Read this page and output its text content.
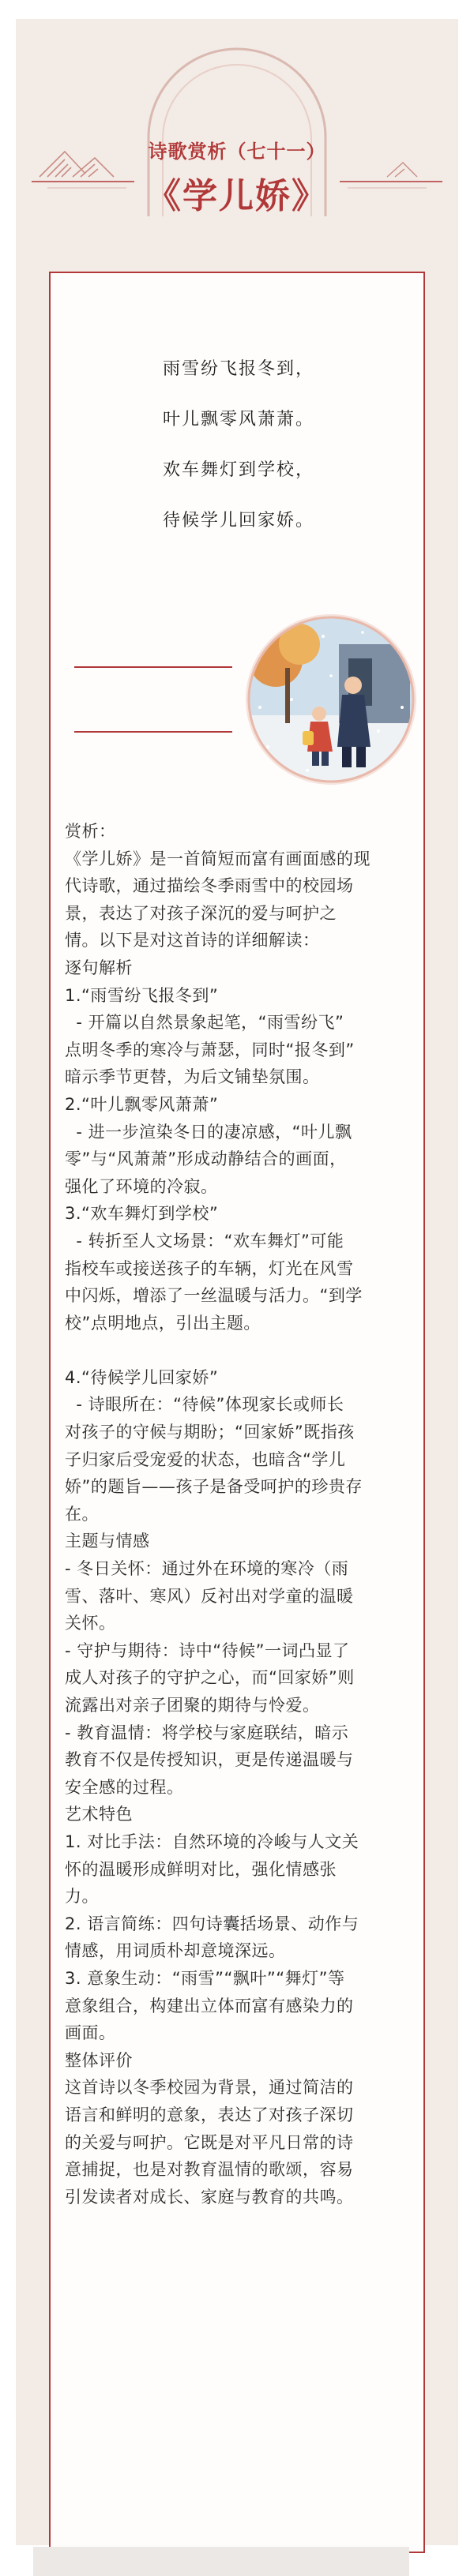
诗歌赏析（七十一）
《学儿娇》

雨雪纷飞报冬到，

叶儿飘零风萧萧。

欢车舞灯到学校，

待候学儿回家娇。

赏析：
《学儿娇》是一首简短而富有画面感的现
代诗歌，通过描绘冬季雨雪中的校园场
景，表达了对孩子深沉的爱与呵护之
情。以下是对这首诗的详细解读：
逐句解析
1.“雨雪纷飞报冬到”
- 开篇以自然景象起笔，“雨雪纷飞”
点明冬季的寒冷与萧瑟，同时“报冬到”
暗示季节更替，为后文铺垫氛围。
2.“叶儿飘零风萧萧”
- 进一步渲染冬日的凄凉感，“叶儿飘
零”与“风萧萧”形成动静结合的画面，
强化了环境的冷寂。
3.“欢车舞灯到学校”
- 转折至人文场景：“欢车舞灯”可能
指校车或接送孩子的车辆，灯光在风雪
中闪烁，增添了一丝温暖与活力。“到学
校”点明地点，引出主题。
4.“待候学儿回家娇”
- 诗眼所在：“待候”体现家长或师长
对孩子的守候与期盼；“回家娇”既指孩
子归家后受宠爱的状态，也暗含“学儿
娇”的题旨——孩子是备受呵护的珍贵存
在。
主题与情感
- 冬日关怀：通过外在环境的寒冷（雨
雪、落叶、寒风）反衬出对学童的温暖
关怀。
- 守护与期待：诗中“待候”一词凸显了
成人对孩子的守护之心，而“回家娇”则
流露出对亲子团聚的期待与怜爱。
- 教育温情：将学校与家庭联结，暗示
教育不仅是传授知识，更是传递温暖与
安全感的过程。
艺术特色
1. 对比手法：自然环境的冷峻与人文关
怀的温暖形成鲜明对比，强化情感张
力。
2. 语言简练：四句诗囊括场景、动作与
情感，用词质朴却意境深远。
3. 意象生动：“雨雪”“飘叶”“舞灯”等
意象组合，构建出立体而富有感染力的
画面。
整体评价
这首诗以冬季校园为背景，通过简洁的
语言和鲜明的意象，表达了对孩子深切
的关爱与呵护。它既是对平凡日常的诗
意捕捉，也是对教育温情的歌颂，容易
引发读者对成长、家庭与教育的共鸣。
